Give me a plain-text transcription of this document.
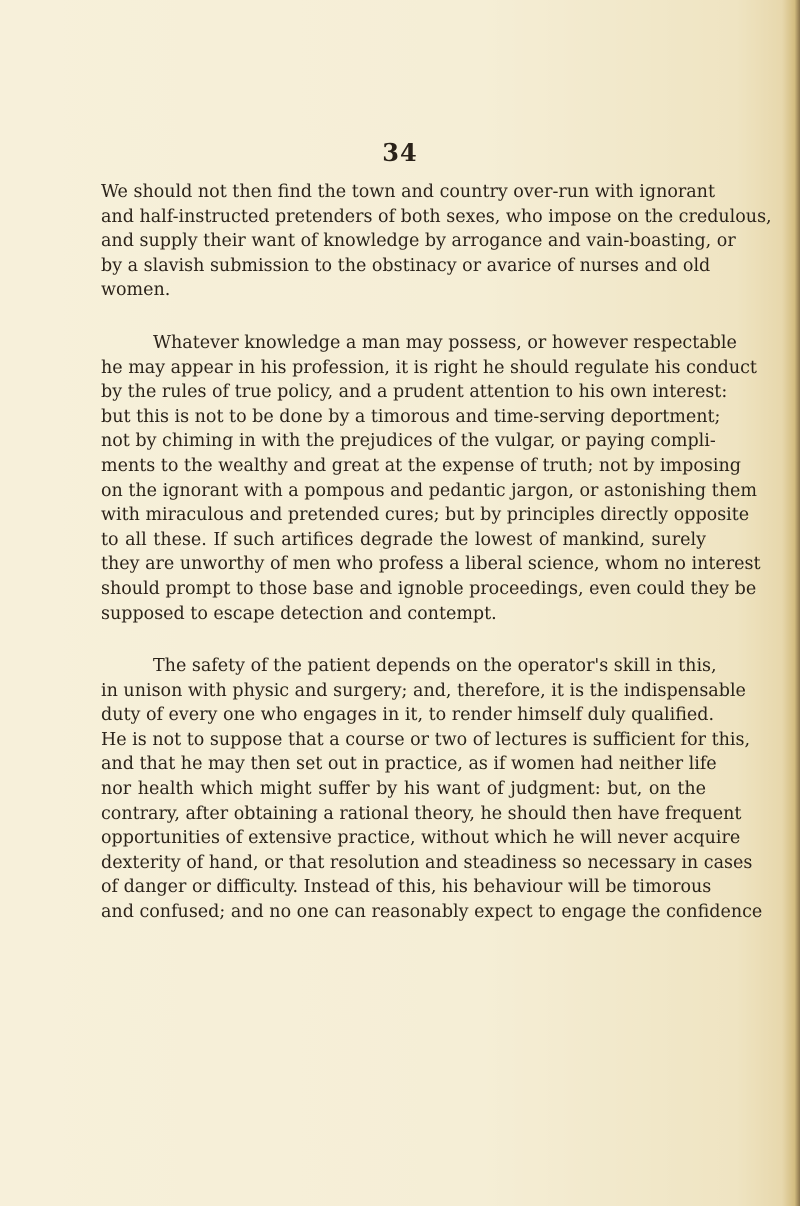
34

We should not then find the town and country over-run with ignorant
and half-instructed pretenders of both sexes, who impose on the credulous,
and supply their want of knowledge by arrogance and vain-boasting, or
by a slavish submission to the obstinacy or avarice of nurses and old
women.

Whatever knowledge a man may possess, or however respectable
he may appear in his profession, it is right he should regulate his conduct
by the rules of true policy, and a prudent attention to his own interest:
but this is not to be done by a timorous and time-serving deportment;
not by chiming in with the prejudices of the vulgar, or paying compli-
ments to the wealthy and great at the expense of truth; not by imposing
on the ignorant with a pompous and pedantic jargon, or astonishing them
with miraculous and pretended cures; but by principles directly opposite
to all these. If such artifices degrade the lowest of mankind, surely
they are unworthy of men who profess a liberal science, whom no interest
should prompt to those base and ignoble proceedings, even could they be
supposed to escape detection and contempt.

The safety of the patient depends on the operator's skill in this,
in unison with physic and surgery; and, therefore, it is the indispensable
duty of every one who engages in it, to render himself duly qualified.
He is not to suppose that a course or two of lectures is sufficient for this,
and that he may then set out in practice, as if women had neither life
nor health which might suffer by his want of judgment: but, on the
contrary, after obtaining a rational theory, he should then have frequent
opportunities of extensive practice, without which he will never acquire
dexterity of hand, or that resolution and steadiness so necessary in cases
of danger or difficulty. Instead of this, his behaviour will be timorous
and confused; and no one can reasonably expect to engage the confidence
